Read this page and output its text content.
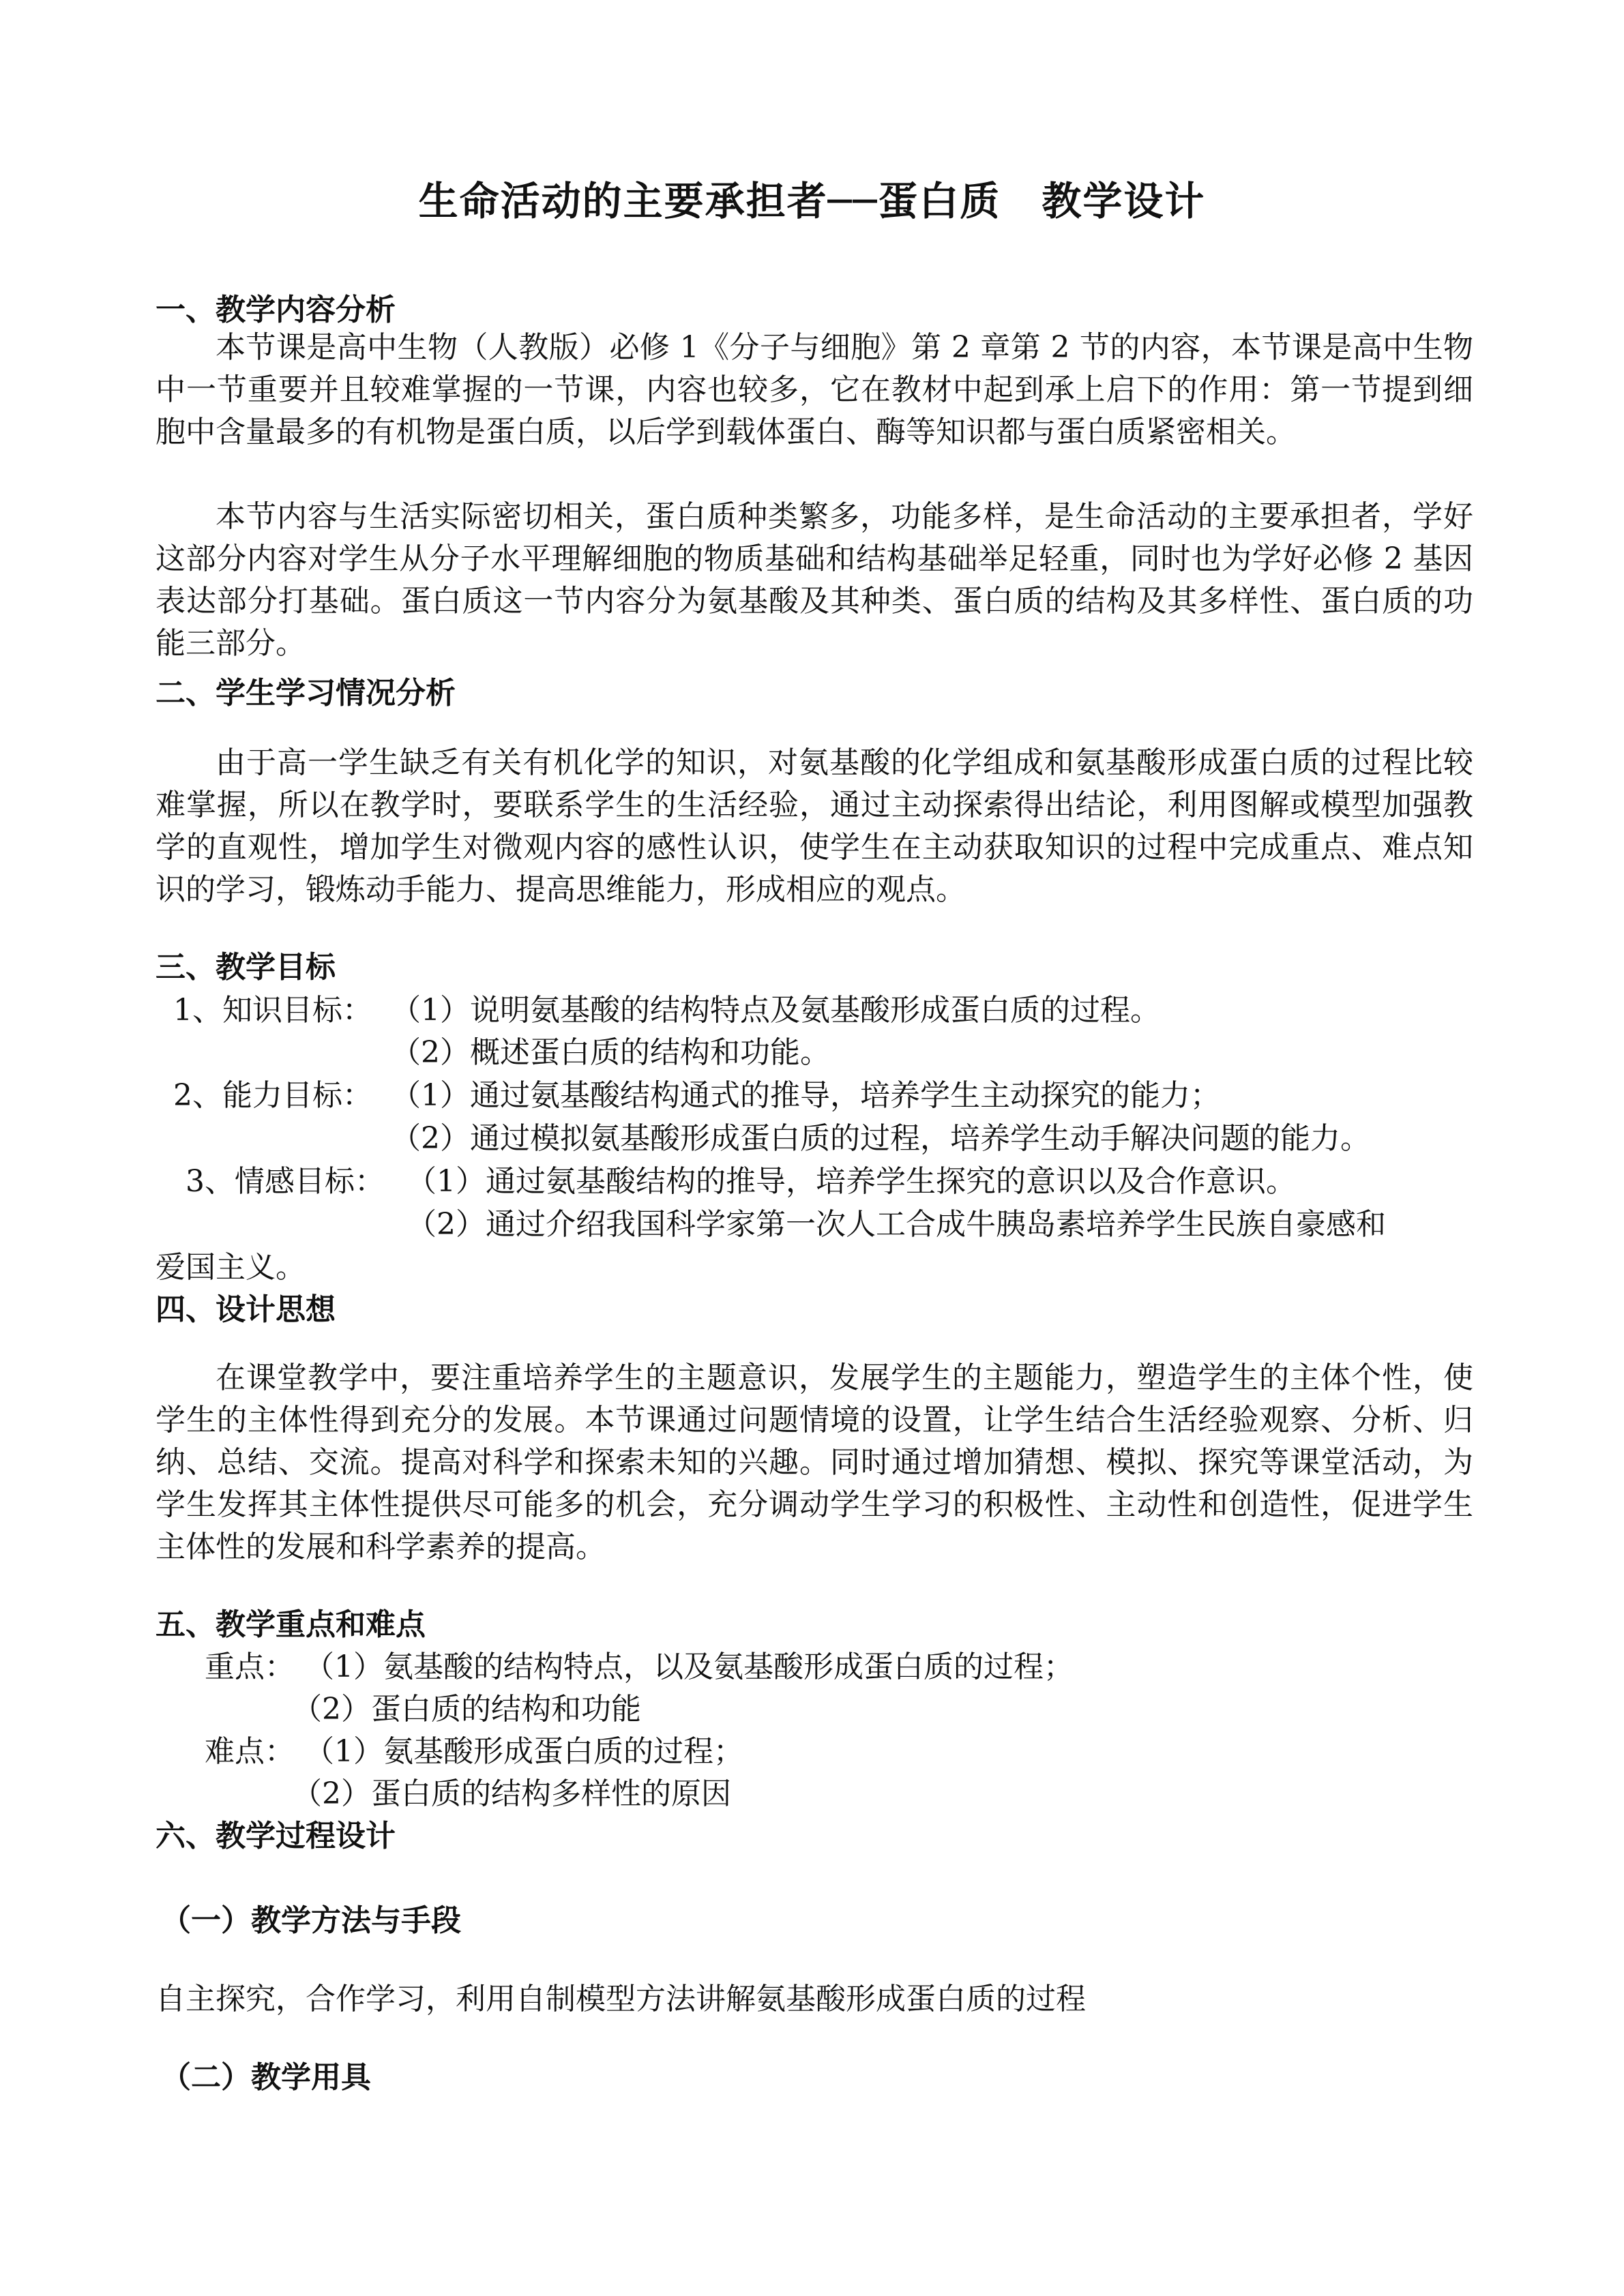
生命活动的主要承担者──蛋白质　教学设计
一、教学内容分析
本节课是高中生物（人教版）必修 1《分子与细胞》第 2 章第 2 节的内容，本节课是高中生物中一节重要并且较难掌握的一节课，内容也较多，它在教材中起到承上启下的作用：第一节提到细胞中含量最多的有机物是蛋白质，以后学到载体蛋白、酶等知识都与蛋白质紧密相关。
本节内容与生活实际密切相关，蛋白质种类繁多，功能多样，是生命活动的主要承担者，学好这部分内容对学生从分子水平理解细胞的物质基础和结构基础举足轻重，同时也为学好必修 2 基因表达部分打基础。蛋白质这一节内容分为氨基酸及其种类、蛋白质的结构及其多样性、蛋白质的功能三部分。
二、学生学习情况分析
由于高一学生缺乏有关有机化学的知识，对氨基酸的化学组成和氨基酸形成蛋白质的过程比较难掌握，所以在教学时，要联系学生的生活经验，通过主动探索得出结论，利用图解或模型加强教学的直观性，增加学生对微观内容的感性认识，使学生在主动获取知识的过程中完成重点、难点知识的学习，锻炼动手能力、提高思维能力，形成相应的观点。
三、教学目标
1、知识目标： （1）说明氨基酸的结构特点及氨基酸形成蛋白质的过程。
（2）概述蛋白质的结构和功能。
2、能力目标： （1）通过氨基酸结构通式的推导，培养学生主动探究的能力；
（2）通过模拟氨基酸形成蛋白质的过程，培养学生动手解决问题的能力。
3、情感目标： （1）通过氨基酸结构的推导，培养学生探究的意识以及合作意识。
（2）通过介绍我国科学家第一次人工合成牛胰岛素培养学生民族自豪感和
爱国主义。
四、设计思想
在课堂教学中，要注重培养学生的主题意识，发展学生的主题能力，塑造学生的主体个性，使学生的主体性得到充分的发展。本节课通过问题情境的设置，让学生结合生活经验观察、分析、归纳、总结、交流。提高对科学和探索未知的兴趣。同时通过增加猜想、模拟、探究等课堂活动，为学生发挥其主体性提供尽可能多的机会，充分调动学生学习的积极性、主动性和创造性，促进学生主体性的发展和科学素养的提高。
五、教学重点和难点
重点： （1）氨基酸的结构特点，以及氨基酸形成蛋白质的过程；
（2）蛋白质的结构和功能
难点： （1）氨基酸形成蛋白质的过程；
（2）蛋白质的结构多样性的原因
六、教学过程设计
（一）教学方法与手段
自主探究，合作学习，利用自制模型方法讲解氨基酸形成蛋白质的过程
（二）教学用具
